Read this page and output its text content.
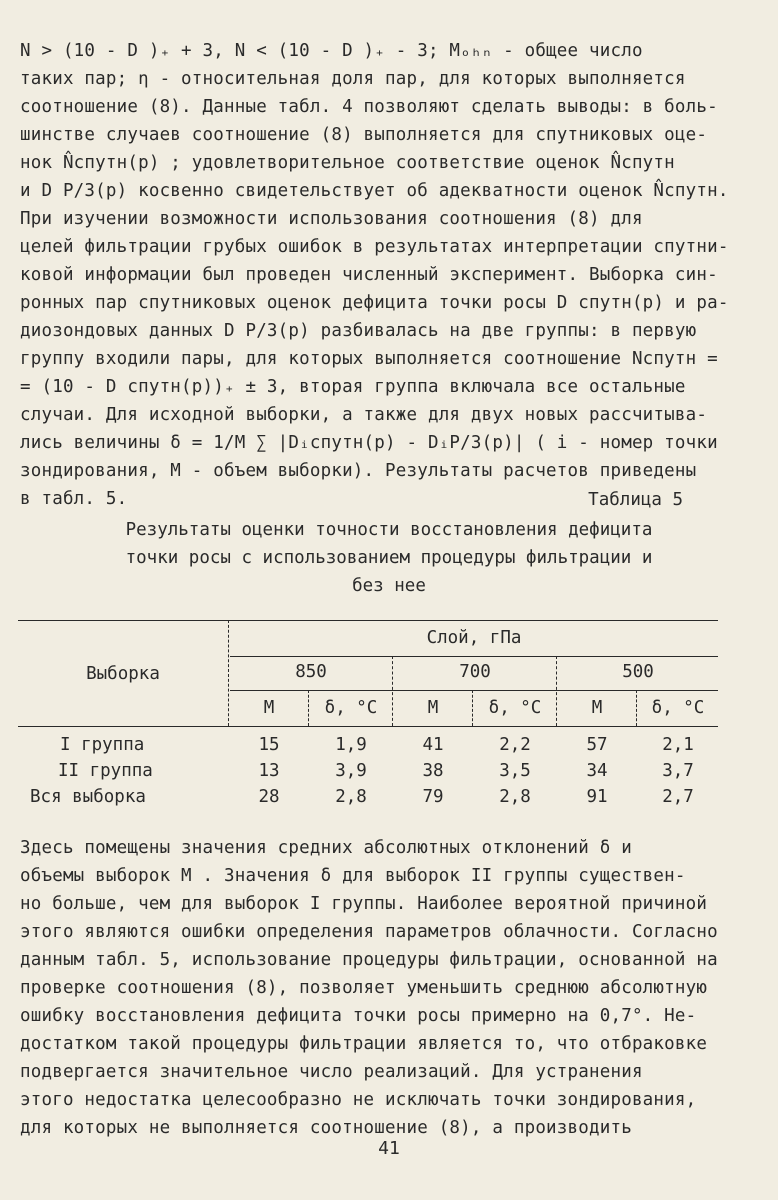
N > (10 - D )₊ + 3, N < (10 - D )₊ - 3; Mₒₕₙ - общее число
таких пар; η - относительная доля пар, для которых выполняется
соотношение (8). Данные табл. 4 позволяют сделать выводы: в боль-
шинстве случаев соотношение (8) выполняется для спутниковых оце-
нок N̂спутн(p) ; удовлетворительное соответствие оценок N̂спутн
и D P/3(p) косвенно свидетельствует об адекватности оценок N̂спутн.
При изучении возможности использования соотношения (8) для
целей фильтрации грубых ошибок в результатах интерпретации спутни-
ковой информации был проведен численный эксперимент. Выборка син-
ронных пар спутниковых оценок дефицита точки росы D спутн(p) и ра-
диозондовых данных D P/3(p) разбивалась на две группы: в первую
группу входили пары, для которых выполняется соотношение Nспутн =
= (10 - D спутн(p))₊ ± 3, вторая группа включала все остальные
случаи. Для исходной выборки, а также для двух новых рассчитыва-
лись величины δ = 1/M ∑ |Dᵢспутн(p) - DᵢP/3(p)| ( i - номер точки
зондирования, M - объем выборки). Результаты расчетов приведены
в табл. 5.	Таблица 5
Результаты оценки точности восстановления дефицита
точки росы с использованием процедуры фильтрации и
без нее
Выборка
Слой, гПа
850	700	500
M	δ, °C	M	δ, °C	M	δ, °C
I группа	15	1,9	41	2,2	57	2,1
II группа	13	3,9	38	3,5	34	3,7
Вся выборка	28	2,8	79	2,8	91	2,7
Здесь помещены значения средних абсолютных отклонений δ и
объемы выборок M . Значения δ для выборок II группы существен-
но больше, чем для выборок I группы. Наиболее вероятной причиной
этого являются ошибки определения параметров облачности. Согласно
данным табл. 5, использование процедуры фильтрации, основанной на
проверке соотношения (8), позволяет уменьшить среднюю абсолютную
ошибку восстановления дефицита точки росы примерно на 0,7°. Не-
достатком такой процедуры фильтрации является то, что отбраковке
подвергается значительное число реализаций. Для устранения
этого недостатка целесообразно не исключать точки зондирования,
для которых не выполняется соотношение (8), а производить
41
